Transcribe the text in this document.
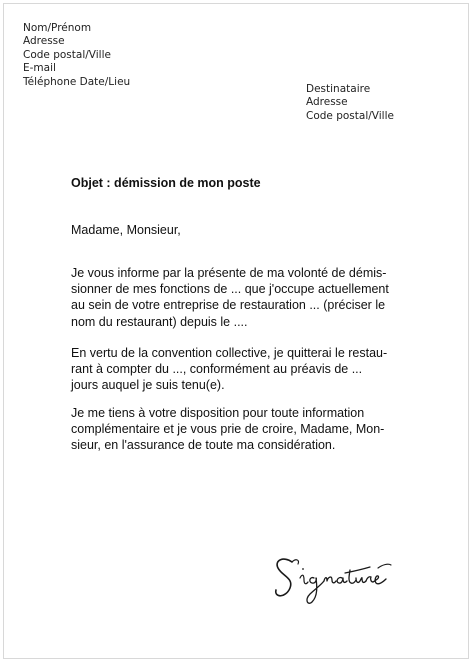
Nom/Prénom
Adresse
Code postal/Ville
E-mail
Téléphone Date/Lieu
Destinataire
Adresse
Code postal/Ville
Objet : démission de mon poste
Madame, Monsieur,
Je vous informe par la présente de ma volonté de démis-
sionner de mes fonctions de ... que j'occupe actuellement
au sein de votre entreprise de restauration ... (préciser le
nom du restaurant) depuis le ....
En vertu de la convention collective, je quitterai le restau-
rant à compter du ..., conformément au préavis de ...
jours auquel je suis tenu(e).
Je me tiens à votre disposition pour toute information
complémentaire et je vous prie de croire, Madame, Mon-
sieur, en l'assurance de toute ma considération.
